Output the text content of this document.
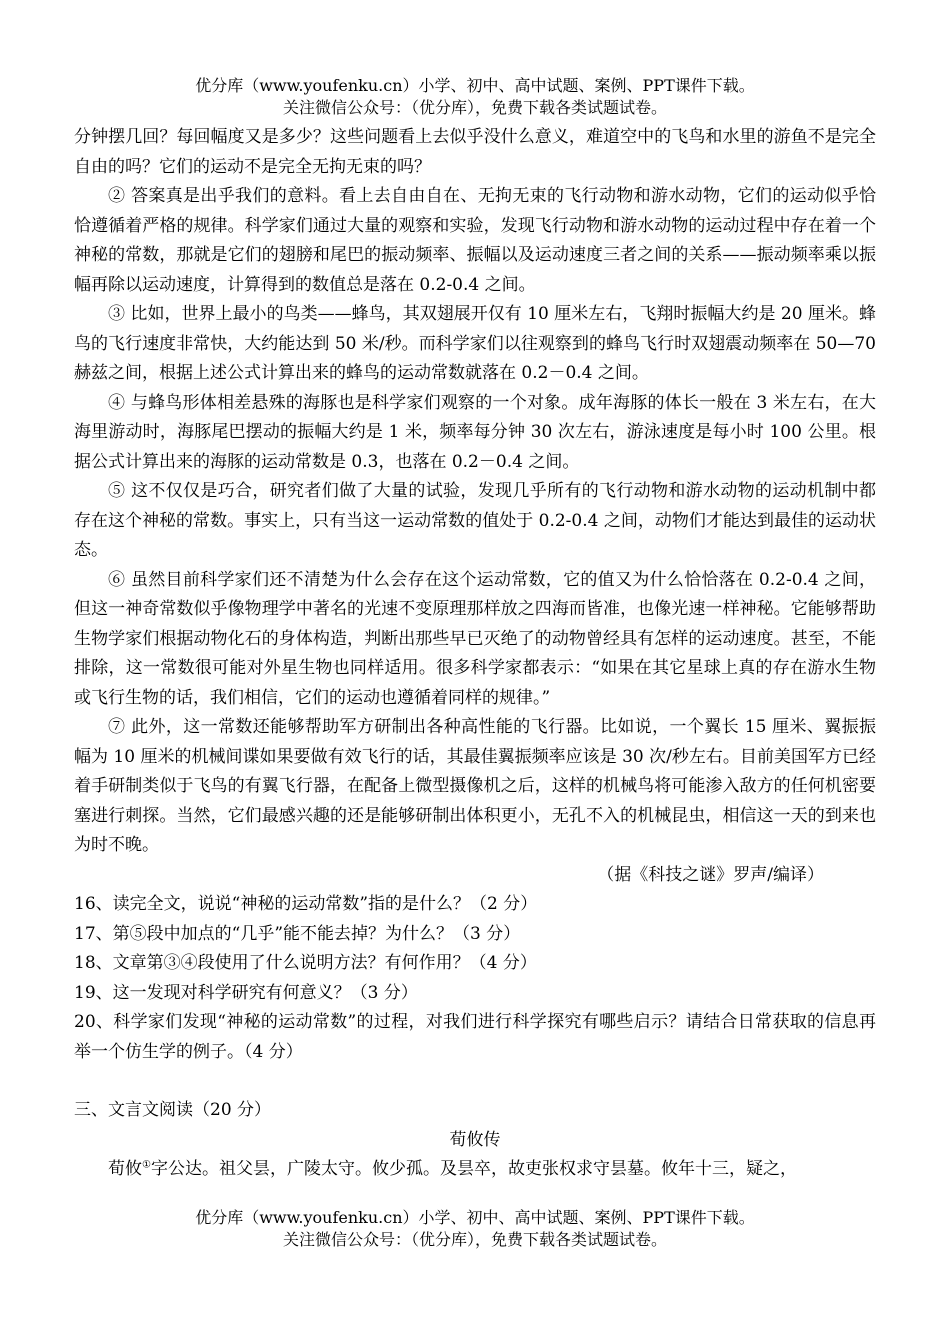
优分库（www.youfenku.cn）小学、初中、高中试题、案例、PPT课件下载。
关注微信公众号：（优分库），免费下载各类试题试卷。

分钟摆几回？每回幅度又是多少？这些问题看上去似乎没什么意义，难道空中的飞鸟和水里的游鱼不是完全自由的吗？它们的运动不是完全无拘无束的吗？

② 答案真是出乎我们的意料。看上去自由自在、无拘无束的飞行动物和游水动物，它们的运动似乎恰恰遵循着严格的规律。科学家们通过大量的观察和实验，发现飞行动物和游水动物的运动过程中存在着一个神秘的常数，那就是它们的翅膀和尾巴的振动频率、振幅以及运动速度三者之间的关系——振动频率乘以振幅再除以运动速度，计算得到的数值总是落在 0.2-0.4 之间。

③ 比如，世界上最小的鸟类——蜂鸟，其双翅展开仅有 10 厘米左右，飞翔时振幅大约是 20 厘米。蜂鸟的飞行速度非常快，大约能达到 50 米/秒。而科学家们以往观察到的蜂鸟飞行时双翅震动频率在 50—70 赫兹之间，根据上述公式计算出来的蜂鸟的运动常数就落在 0.2－0.4 之间。

④ 与蜂鸟形体相差悬殊的海豚也是科学家们观察的一个对象。成年海豚的体长一般在 3 米左右，在大海里游动时，海豚尾巴摆动的振幅大约是 1 米，频率每分钟 30 次左右，游泳速度是每小时 100 公里。根据公式计算出来的海豚的运动常数是 0.3，也落在 0.2－0.4 之间。

⑤ 这不仅仅是巧合，研究者们做了大量的试验，发现几乎所有的飞行动物和游水动物的运动机制中都存在这个神秘的常数。事实上，只有当这一运动常数的值处于 0.2-0.4 之间，动物们才能达到最佳的运动状态。

⑥ 虽然目前科学家们还不清楚为什么会存在这个运动常数，它的值又为什么恰恰落在 0.2-0.4 之间，但这一神奇常数似乎像物理学中著名的光速不变原理那样放之四海而皆准，也像光速一样神秘。它能够帮助生物学家们根据动物化石的身体构造，判断出那些早已灭绝了的动物曾经具有怎样的运动速度。甚至，不能排除，这一常数很可能对外星生物也同样适用。很多科学家都表示：“如果在其它星球上真的存在游水生物或飞行生物的话，我们相信，它们的运动也遵循着同样的规律。”

⑦ 此外，这一常数还能够帮助军方研制出各种高性能的飞行器。比如说，一个翼长 15 厘米、翼振振幅为 10 厘米的机械间谍如果要做有效飞行的话，其最佳翼振频率应该是 30 次/秒左右。目前美国军方已经着手研制类似于飞鸟的有翼飞行器，在配备上微型摄像机之后，这样的机械鸟将可能渗入敌方的任何机密要塞进行刺探。当然，它们最感兴趣的还是能够研制出体积更小，无孔不入的机械昆虫，相信这一天的到来也为时不晚。

（据《科技之谜》罗声/编译）

16、读完全文，说说“神秘的运动常数”指的是什么？（2 分）

17、第⑤段中加点的“几乎”能不能去掉？为什么？（3 分）

18、文章第③④段使用了什么说明方法？有何作用？（4 分）

19、这一发现对科学研究有何意义？（3 分）

20、科学家们发现“神秘的运动常数”的过程，对我们进行科学探究有哪些启示？请结合日常获取的信息再举一个仿生学的例子。（4 分）

三、文言文阅读（20 分）

荀攸传

荀攸①字公达。祖父昙，广陵太守。攸少孤。及昙卒，故吏张权求守昙墓。攸年十三，疑之，

优分库（www.youfenku.cn）小学、初中、高中试题、案例、PPT课件下载。
关注微信公众号：（优分库），免费下载各类试题试卷。
